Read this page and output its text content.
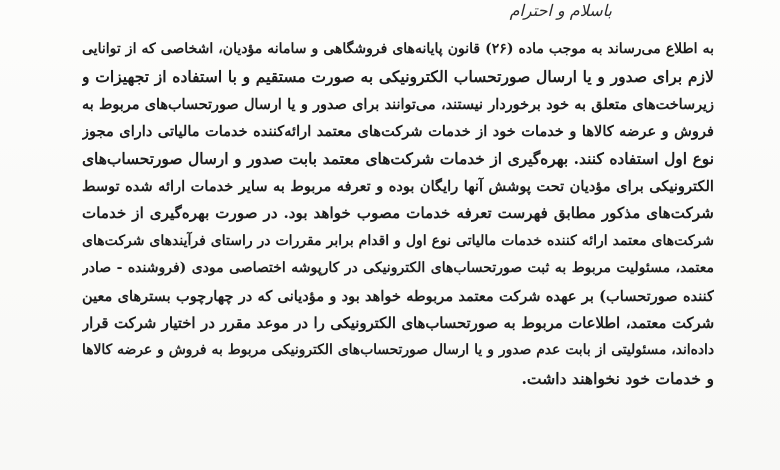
باسلام و احترام
به اطلاع می‌رساند به موجب ماده (۲۶) قانون پایانه‌های فروشگاهی و سامانه مؤدیان، اشخاصی که از توانایی
لازم برای صدور و یا ارسال صورتحساب الکترونیکی به صورت مستقیم و با استفاده از تجهیزات و
زیرساخت‌های متعلق به خود برخوردار نیستند، می‌توانند برای صدور و یا ارسال صورتحساب‌های مربوط به
فروش و عرضه کالاها و خدمات خود از خدمات شرکت‌های معتمد ارائه‌کننده خدمات مالیاتی دارای مجوز
نوع اول استفاده کنند. بهره‌گیری از خدمات شرکت‌های معتمد بابت صدور و ارسال صورتحساب‌های
الکترونیکی برای مؤدیان تحت پوشش آنها رایگان بوده و تعرفه مربوط به سایر خدمات ارائه شده توسط
شرکت‌های مذکور مطابق فهرست تعرفه خدمات مصوب خواهد بود. در صورت بهره‌گیری از خدمات
شرکت‌های معتمد ارائه کننده خدمات مالیاتی نوع اول و اقدام برابر مقررات در راستای فرآیندهای شرکت‌های
معتمد، مسئولیت مربوط به ثبت صورتحساب‌های الکترونیکی در کارپوشه اختصاصی مودی (فروشنده - صادر
کننده صورتحساب) بر عهده شرکت معتمد مربوطه خواهد بود و مؤدیانی که در چهارچوب بسترهای معین
شرکت معتمد، اطلاعات مربوط به صورتحساب‌های الکترونیکی را در موعد مقرر در اختیار شرکت قرار
داده‌اند، مسئولیتی از بابت عدم صدور و یا ارسال صورتحساب‌های الکترونیکی مربوط به فروش و عرضه کالاها
و خدمات خود نخواهند داشت.
